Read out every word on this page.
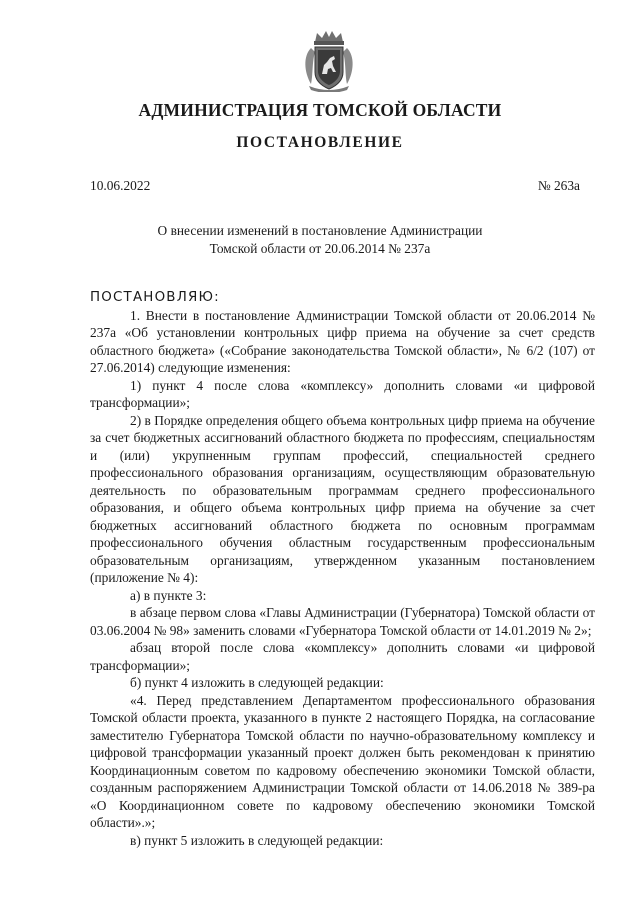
АДМИНИСТРАЦИЯ ТОМСКОЙ ОБЛАСТИ
ПОСТАНОВЛЕНИЕ
10.06.2022	№ 263а
О внесении изменений в постановление Администрации
Томской области от 20.06.2014 № 237а

ПОСТАНОВЛЯЮ:

1. Внести в постановление Администрации Томской области от 20.06.2014 № 237а «Об установлении контрольных цифр приема на обучение за счет средств областного бюджета» («Собрание законодательства Томской области», № 6/2 (107) от 27.06.2014) следующие изменения:

1) пункт 4 после слова «комплексу» дополнить словами «и цифровой трансформации»;

2) в Порядке определения общего объема контрольных цифр приема на обучение за счет бюджетных ассигнований областного бюджета по профессиям, специальностям и (или) укрупненным группам профессий, специальностей среднего профессионального образования организациям, осуществляющим образовательную деятельность по образовательным программам среднего профессионального образования, и общего объема контрольных цифр приема на обучение за счет бюджетных ассигнований областного бюджета по основным программам профессионального обучения областным государственным профессиональным образовательным организациям, утвержденном указанным постановлением (приложение № 4):

а) в пункте 3:

в абзаце первом слова «Главы Администрации (Губернатора) Томской области от 03.06.2004 № 98» заменить словами «Губернатора Томской области от 14.01.2019 № 2»;

абзац второй после слова «комплексу» дополнить словами «и цифровой трансформации»;

б) пункт 4 изложить в следующей редакции:

«4. Перед представлением Департаментом профессионального образования Томской области проекта, указанного в пункте 2 настоящего Порядка, на согласование заместителю Губернатора Томской области по научно-образовательному комплексу и цифровой трансформации указанный проект должен быть рекомендован к принятию Координационным советом по кадровому обеспечению экономики Томской области, созданным распоряжением Администрации Томской области от 14.06.2018 № 389-ра «О Координационном совете по кадровому обеспечению экономики Томской области».»;

в) пункт 5 изложить в следующей редакции:
